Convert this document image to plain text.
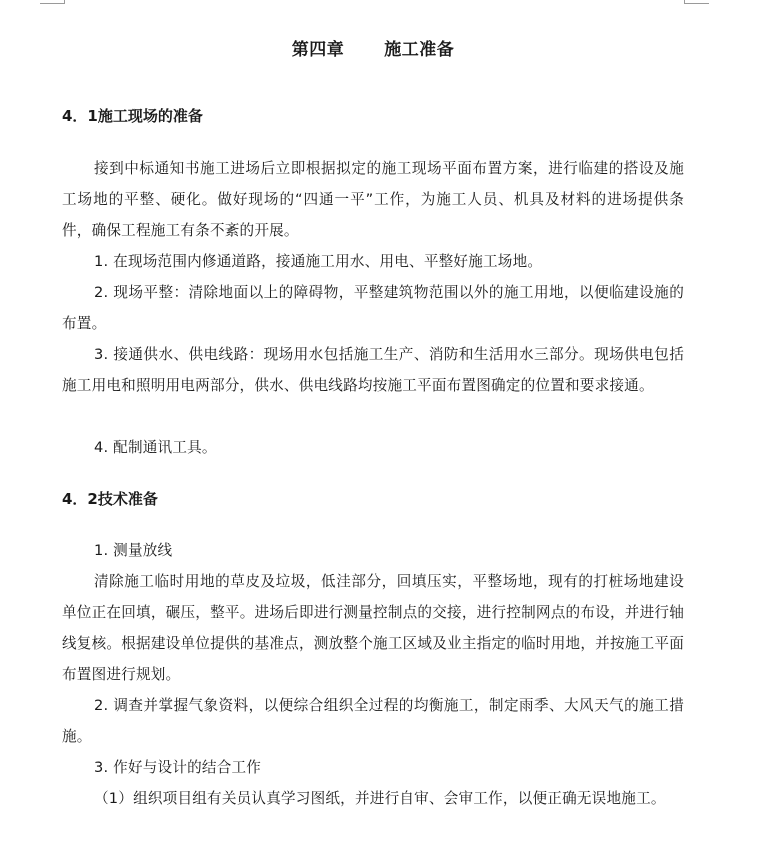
第四章 施工准备
4．1施工现场的准备
接到中标通知书施工进场后立即根据拟定的施工现场平面布置方案，进行临建的搭设及施工场地的平整、硬化。做好现场的“四通一平”工作，为施工人员、机具及材料的进场提供条件，确保工程施工有条不紊的开展。
1. 在现场范围内修通道路，接通施工用水、用电、平整好施工场地。
2. 现场平整：清除地面以上的障碍物，平整建筑物范围以外的施工用地，以便临建设施的布置。
3. 接通供水、供电线路：现场用水包括施工生产、消防和生活用水三部分。现场供电包括施工用电和照明用电两部分，供水、供电线路均按施工平面布置图确定的位置和要求接通。
4. 配制通讯工具。
4．2技术准备
1. 测量放线
清除施工临时用地的草皮及垃圾，低洼部分，回填压实，平整场地，现有的打桩场地建设单位正在回填，碾压，整平。进场后即进行测量控制点的交接，进行控制网点的布设，并进行轴线复核。根据建设单位提供的基准点，测放整个施工区域及业主指定的临时用地，并按施工平面布置图进行规划。
2. 调查并掌握气象资料，以便综合组织全过程的均衡施工，制定雨季、大风天气的施工措施。
3. 作好与设计的结合工作
（1）组织项目组有关员认真学习图纸，并进行自审、会审工作，以便正确无误地施工。
